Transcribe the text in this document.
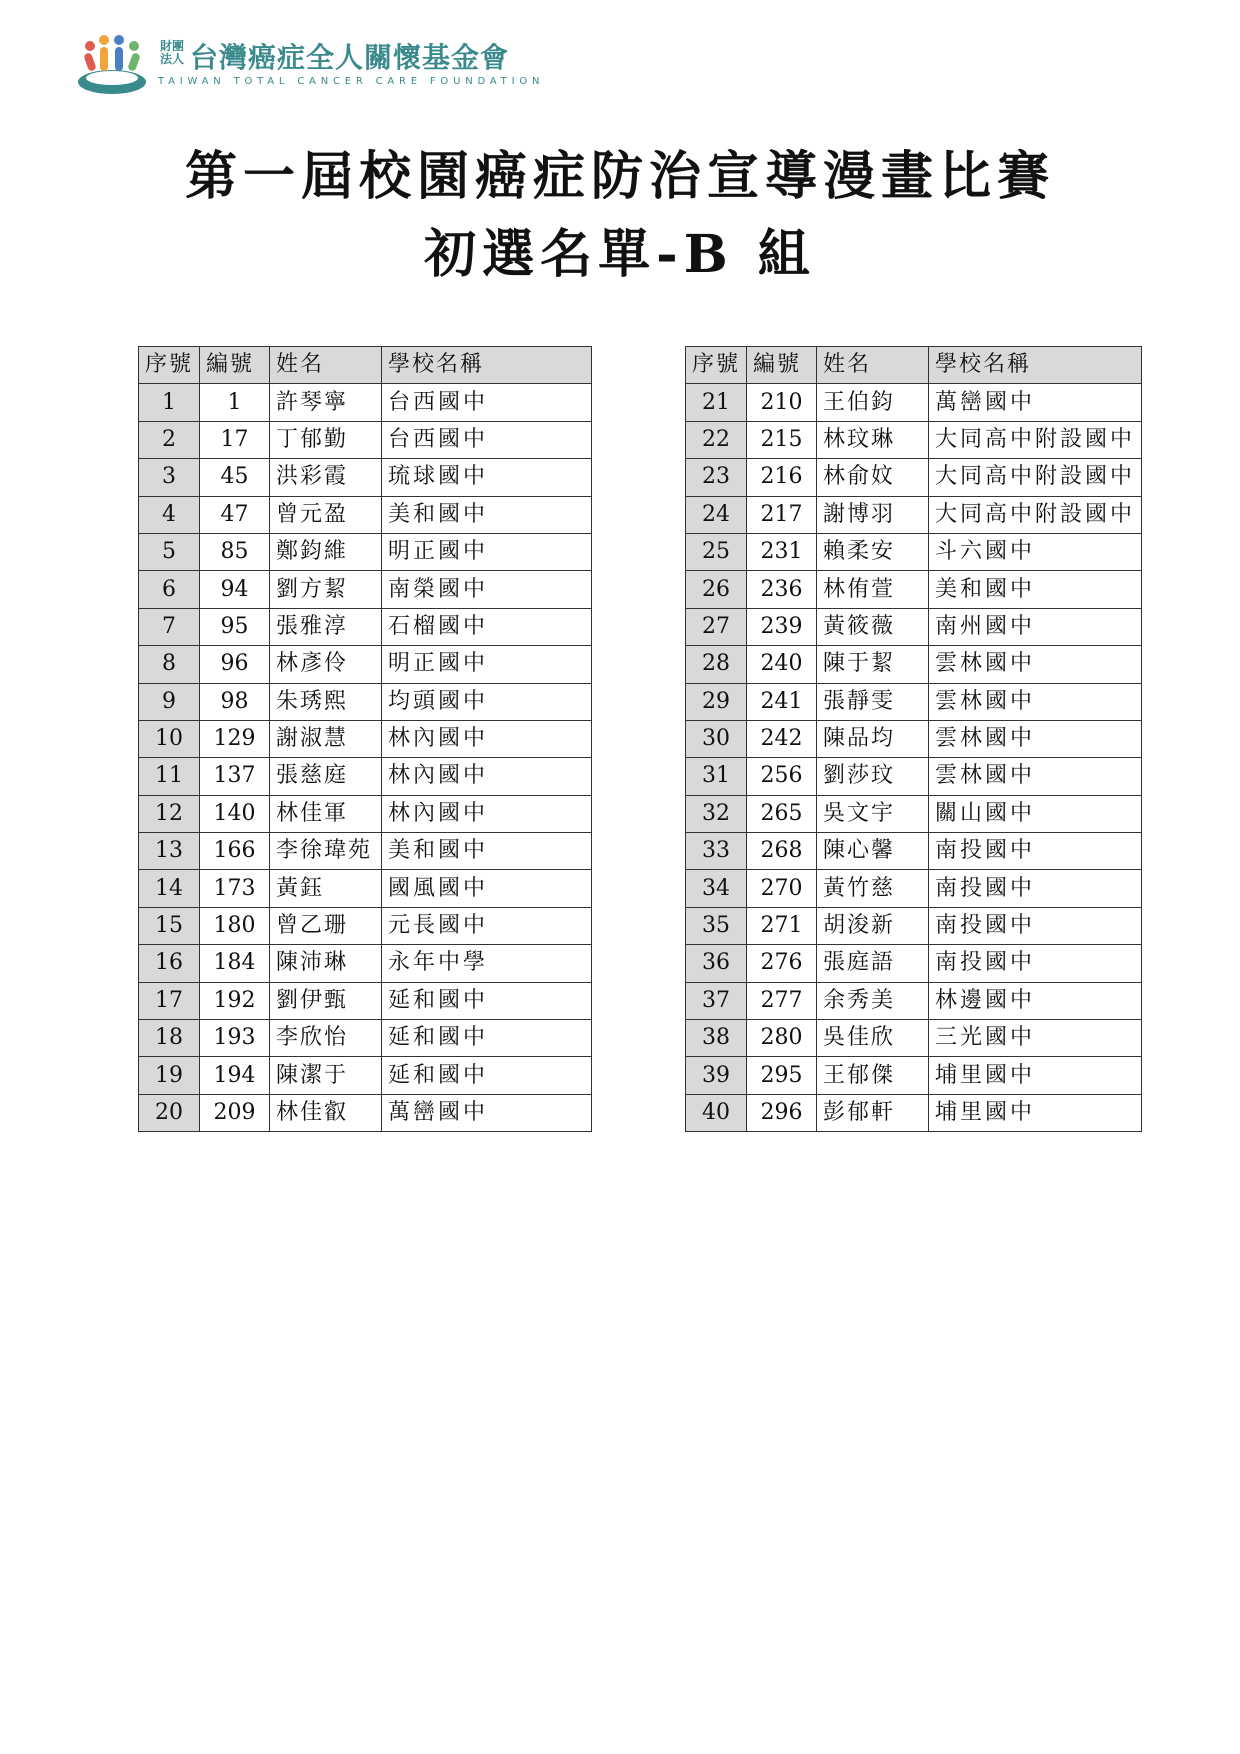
財團法人 台灣癌症全人關懷基金會
TAIWAN TOTAL CANCER CARE FOUNDATION
第一屆校園癌症防治宣導漫畫比賽
初選名單-B 組
序號	編號	姓名	學校名稱
1	1	許琴寧	台西國中
2	17	丁郁勤	台西國中
3	45	洪彩霞	琉球國中
4	47	曾元盈	美和國中
5	85	鄭鈞維	明正國中
6	94	劉方絜	南榮國中
7	95	張雅淳	石榴國中
8	96	林彥伶	明正國中
9	98	朱琇熙	均頭國中
10	129	謝淑慧	林內國中
11	137	張慈庭	林內國中
12	140	林佳軍	林內國中
13	166	李徐瑋苑	美和國中
14	173	黃鈺	國風國中
15	180	曾乙珊	元長國中
16	184	陳沛琳	永年中學
17	192	劉伊甄	延和國中
18	193	李欣怡	延和國中
19	194	陳潔于	延和國中
20	209	林佳叡	萬巒國中
序號	編號	姓名	學校名稱
21	210	王伯鈞	萬巒國中
22	215	林玟琳	大同高中附設國中
23	216	林俞妏	大同高中附設國中
24	217	謝博羽	大同高中附設國中
25	231	賴柔安	斗六國中
26	236	林侑萱	美和國中
27	239	黃筱薇	南州國中
28	240	陳于絜	雲林國中
29	241	張靜雯	雲林國中
30	242	陳品均	雲林國中
31	256	劉莎玟	雲林國中
32	265	吳文宇	關山國中
33	268	陳心馨	南投國中
34	270	黃竹慈	南投國中
35	271	胡浚新	南投國中
36	276	張庭語	南投國中
37	277	余秀美	林邊國中
38	280	吳佳欣	三光國中
39	295	王郁傑	埔里國中
40	296	彭郁軒	埔里國中
